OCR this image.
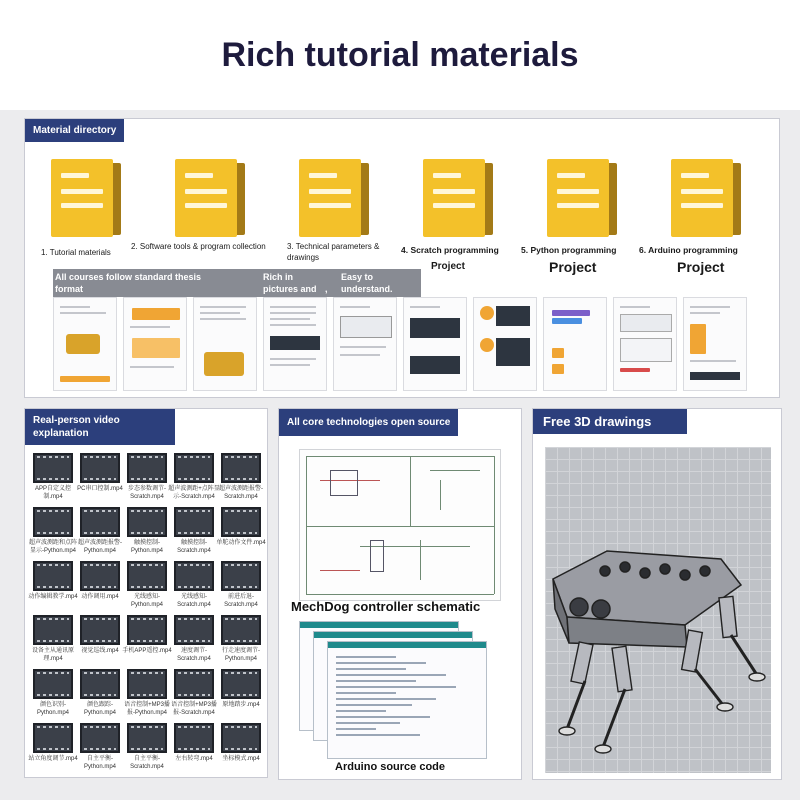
Rich tutorial materials
Material directory
1. Tutorial materials
2. Software tools & program collection	3. Technical parameters & drawings
4. Scratch programming	5. Python programming	6. Arduino programming
Project	Project	Project
All courses follow standard thesis format
Rich in pictures and ,
Easy to understand.
Real-person video explanation
APP自定义控制.mp4
PC串口控制.mp4 步态参数调节-Scratch.mp4
超声波测距+点阵显示-Scratch.mp4
超声波测距报警-Scratch.mp4
超声波测距和点阵显示-Python.mp4
超声波测距报警-Python.mp4
触摸控制-Python.mp4
触摸控制-Scratch.mp4
单舵动作文件.mp4
动作编辑教学.mp4 动作调用.mp4	光线感知-Python.mp4
光线感知-Scratch.mp4
前进后退-Scratch.mp4
设备主从通讯原理.mp4
视觉巡线.mp4 手机APP遥控.mp4	速度调节-Scratch.mp4
行走速度调节-Python.mp4
颜色识别-Python.mp4
颜色跟踪-Python.mp4
语音控制+MP3播报-Python.mp4
语音控制+MP3播报-Scratch.mp4
原地踏步.mp4
站立角度调节.mp4	自主平衡-Python.mp4
自主平衡-Scratch.mp4
左右转弯.mp4	坐标模式.mp4
All core technologies open source
MechDog controller schematic
Arduino source code
Free 3D drawings
